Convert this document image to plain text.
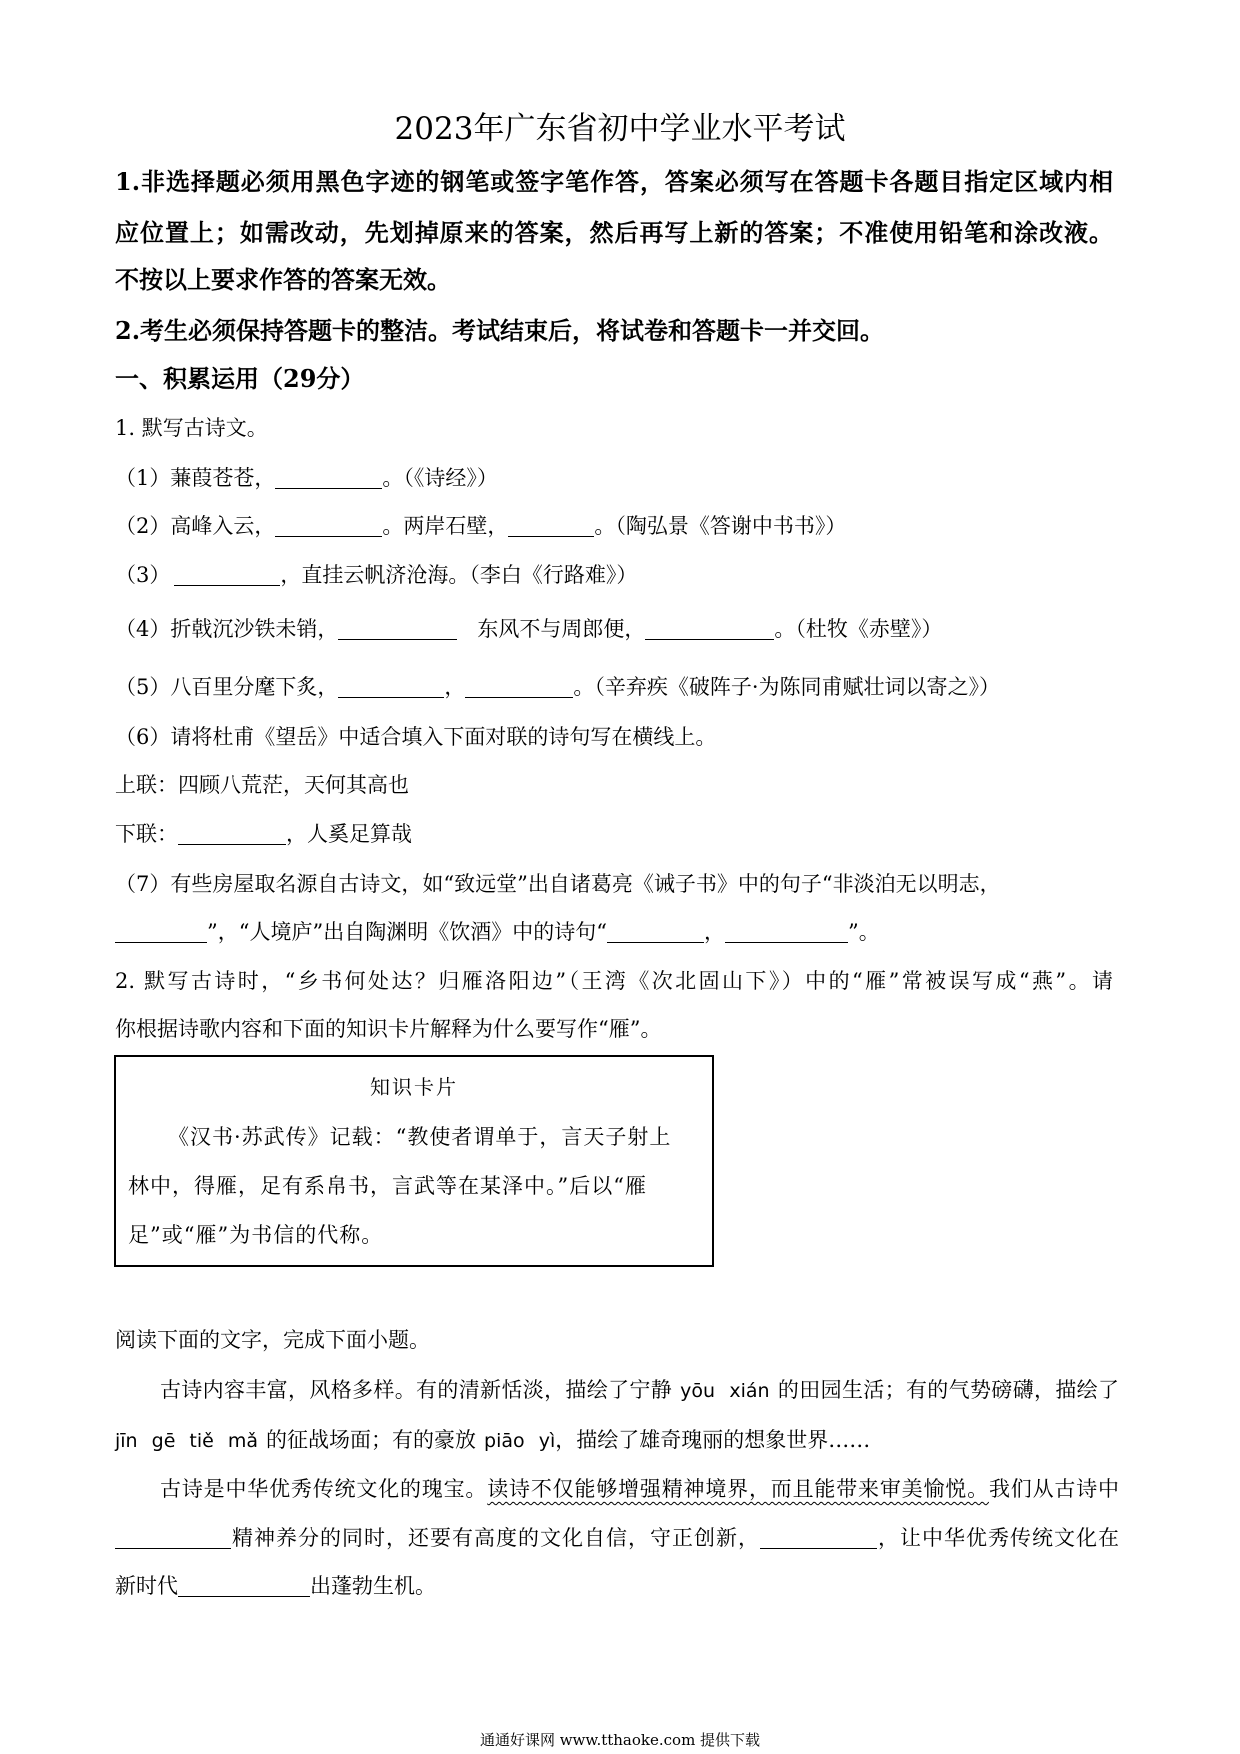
2023年广东省初中学业水平考试
1.非选择题必须用黑色字迹的钢笔或签字笔作答，答案必须写在答题卡各题目指定区域内相
应位置上；如需改动，先划掉原来的答案，然后再写上新的答案；不准使用铅笔和涂改液。
不按以上要求作答的答案无效。
2.考生必须保持答题卡的整洁。考试结束后，将试卷和答题卡一并交回。
一、积累运用（29分）
1. 默写古诗文。
（1）蒹葭苍苍，	。（《诗经》）
（2）高峰入云，	。两岸石壁，	。（陶弘景《答谢中书书》）
（3）	，直挂云帆济沧海。（李白《行路难》）
（4）折戟沉沙铁未销，	东风不与周郎便，	。（杜牧《赤壁》）
（5）八百里分麾下炙，	，	。（辛弃疾《破阵子·为陈同甫赋壮词以寄之》）
（6）请将杜甫《望岳》中适合填入下面对联的诗句写在横线上。
上联：四顾八荒茫，天何其高也
下联：	，人奚足算哉
（7）有些房屋取名源自古诗文，如“致远堂”出自诸葛亮《诫子书》中的句子“非淡泊无以明志，
”，“人境庐”出自陶渊明《饮酒》中的诗句“	，	”。
2. 默写古诗时，“乡书何处达？归雁洛阳边”（王湾《次北固山下》）中的“雁”常被误写成“燕”。请
你根据诗歌内容和下面的知识卡片解释为什么要写作“雁”。
知识卡片
《汉书·苏武传》记载：“教使者谓单于，言天子射上
林中，得雁，足有系帛书，言武等在某泽中。”后以“雁
足”或“雁”为书信的代称。
阅读下面的文字，完成下面小题。
古诗内容丰富，风格多样。有的清新恬淡，描绘了宁静 yōu xián 的田园生活；有的气势磅礴，描绘了
jīn gē tiě mǎ 的征战场面；有的豪放 piāo yì，描绘了雄奇瑰丽的想象世界……
古诗是中华优秀传统文化的瑰宝。读诗不仅能够增强精神境界，而且能带来审美愉悦。我们从古诗中
精神养分的同时，还要有高度的文化自信，守正创新，	，让中华优秀传统文化在
新时代	出蓬勃生机。
通通好课网 www.tthaoke.com 提供下载
